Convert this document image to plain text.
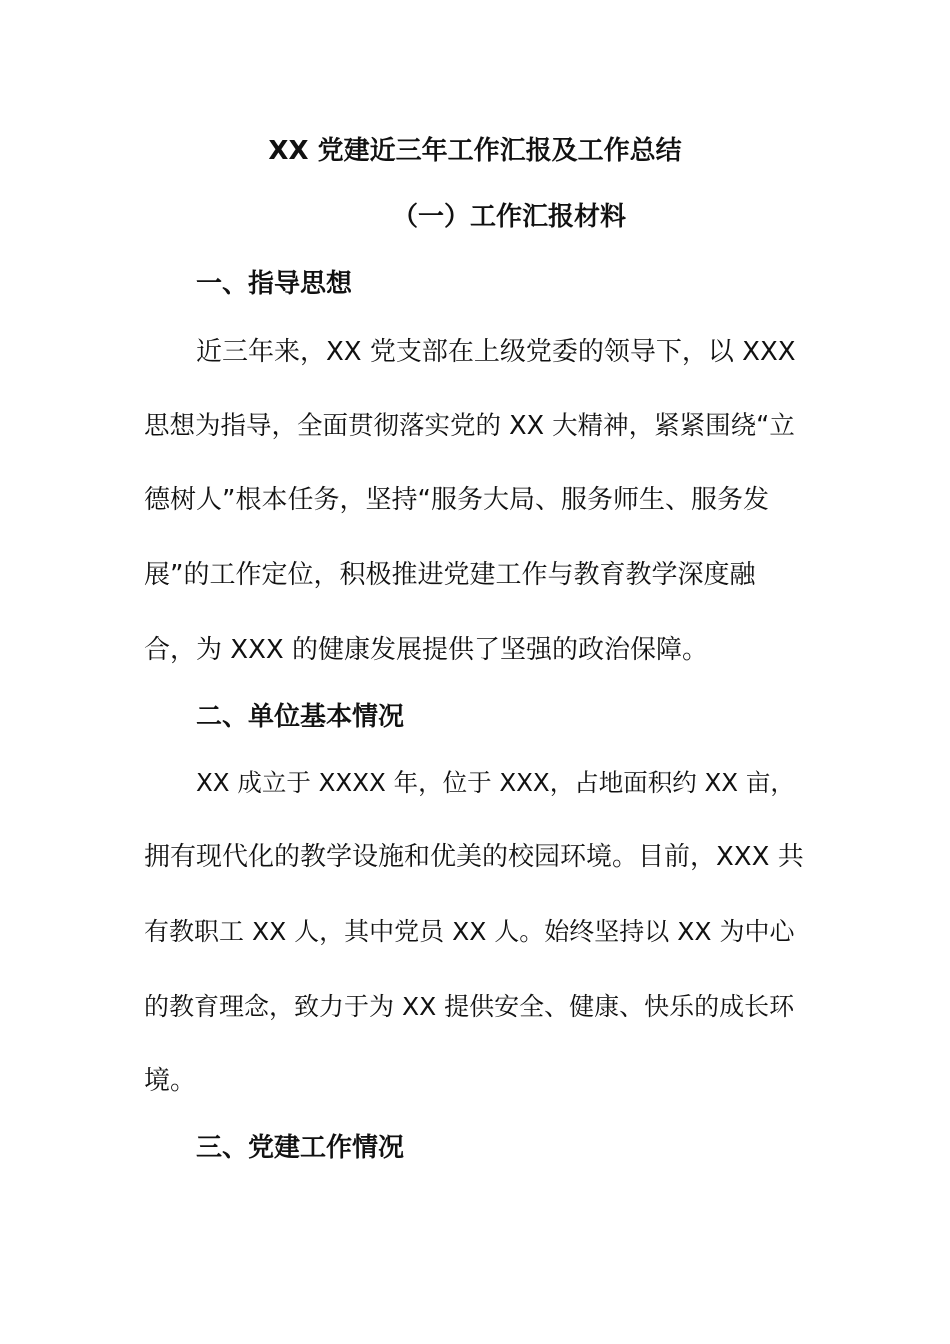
XX 党建近三年工作汇报及工作总结
（一）工作汇报材料
一、指导思想
近三年来，XX 党支部在上级党委的领导下，以 XXX
思想为指导，全面贯彻落实党的 XX 大精神，紧紧围绕“立
德树人”根本任务，坚持“服务大局、服务师生、服务发
展”的工作定位，积极推进党建工作与教育教学深度融
合，为 XXX 的健康发展提供了坚强的政治保障。
二、单位基本情况
XX 成立于 XXXX 年，位于 XXX，占地面积约 XX 亩，
拥有现代化的教学设施和优美的校园环境。目前，XXX 共
有教职工 XX 人，其中党员 XX 人。始终坚持以 XX 为中心
的教育理念，致力于为 XX 提供安全、健康、快乐的成长环
境。
三、党建工作情况
